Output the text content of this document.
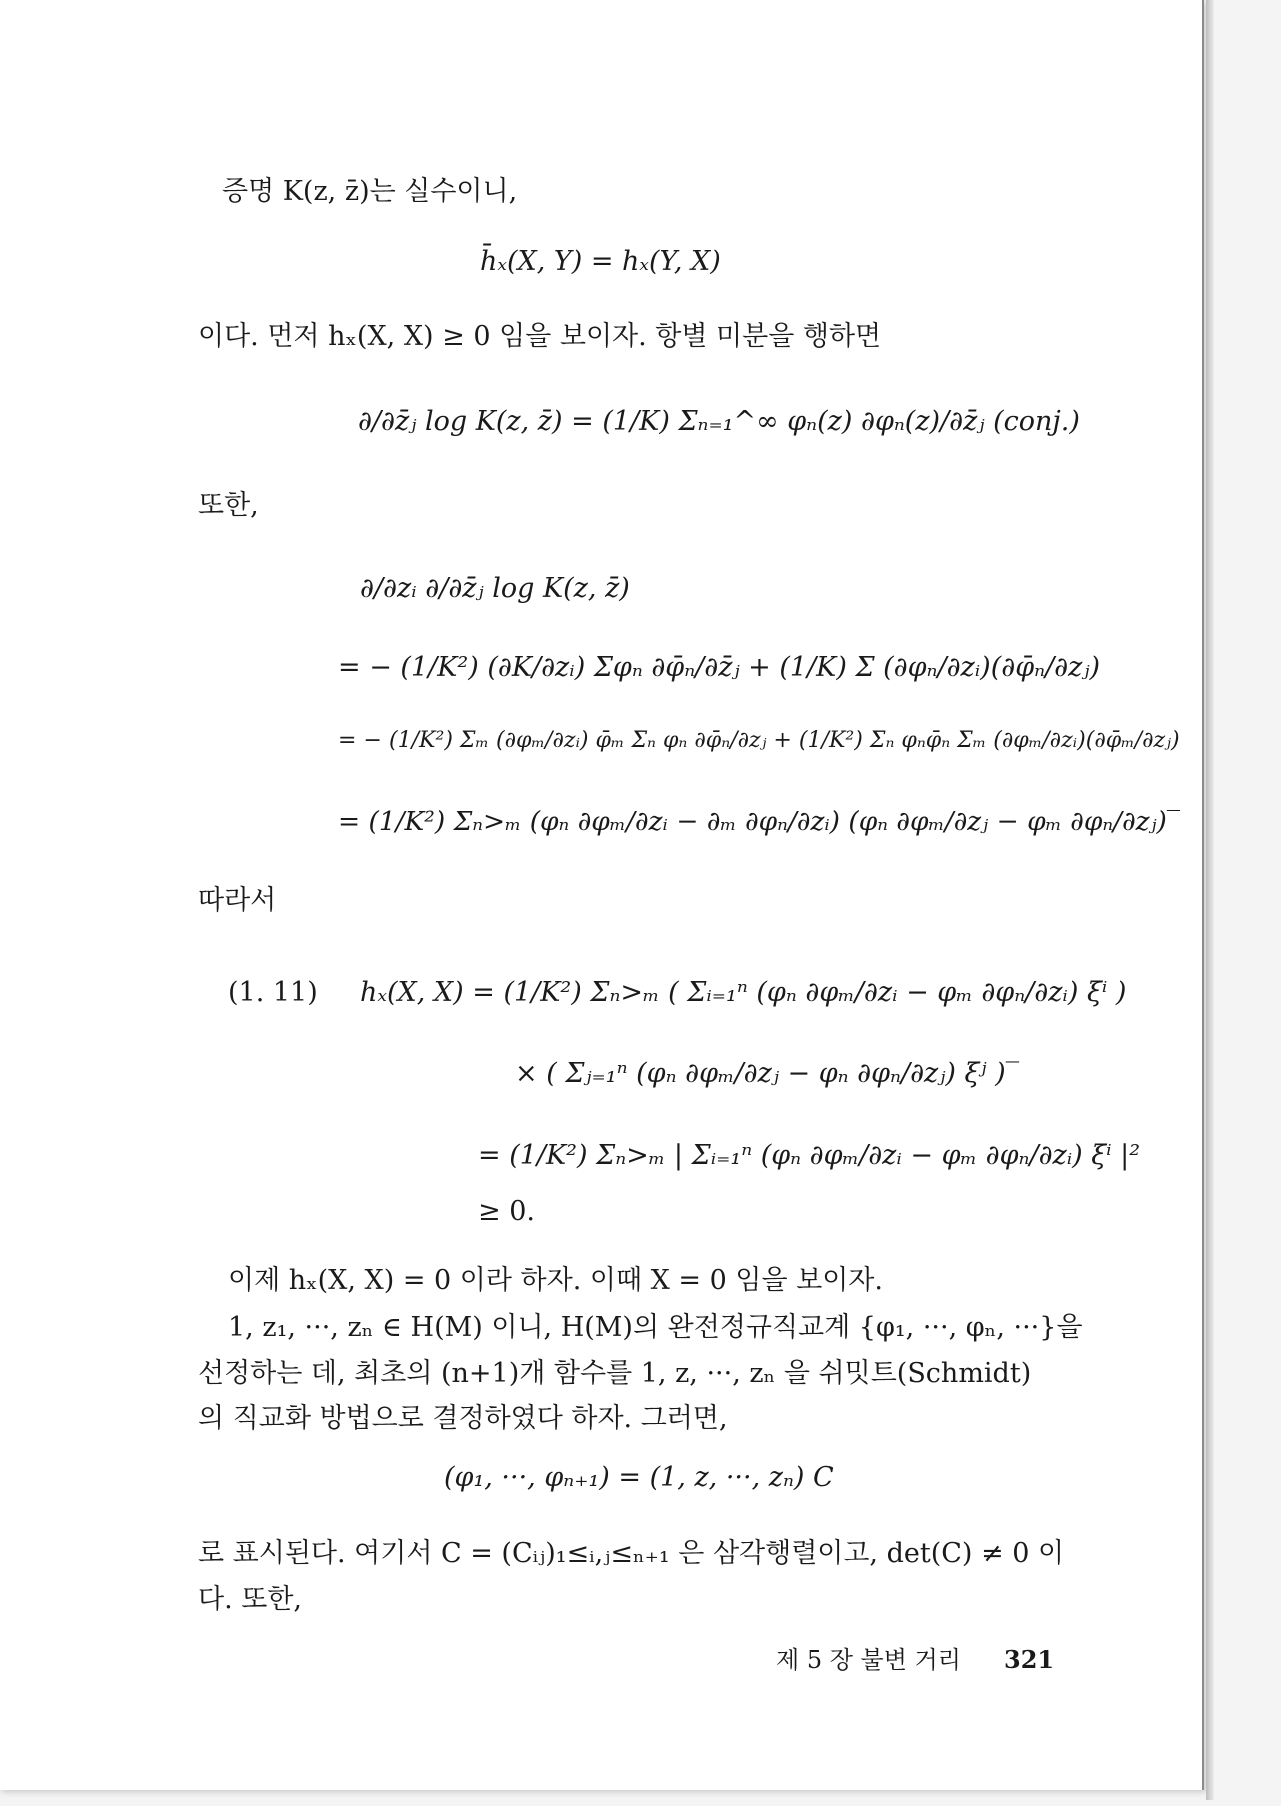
증명 K(z, z̄)는 실수이니,
h̄ₓ(X, Y) = hₓ(Y, X)
이다. 먼저 hₓ(X, X) ≥ 0 임을 보이자. 항별 미분을 행하면
∂/∂z̄ⱼ log K(z, z̄) = (1/K) Σₙ₌₁^∞ φₙ(z) ∂φₙ(z)/∂z̄ⱼ (conj.)
또한,
∂/∂zᵢ ∂/∂z̄ⱼ log K(z, z̄)
= − (1/K²) (∂K/∂zᵢ) Σφₙ ∂φ̄ₙ/∂z̄ⱼ + (1/K) Σ (∂φₙ/∂zᵢ)(∂φ̄ₙ/∂zⱼ)
= − (1/K²) Σₘ (∂φₘ/∂zᵢ) φ̄ₘ Σₙ φₙ ∂φ̄ₙ/∂zⱼ + (1/K²) Σₙ φₙφ̄ₙ Σₘ (∂φₘ/∂zᵢ)(∂φ̄ₘ/∂zⱼ)
= (1/K²) Σₙ>ₘ (φₙ ∂φₘ/∂zᵢ − ∂ₘ ∂φₙ/∂zᵢ) (φₙ ∂φₘ/∂zⱼ − φₘ ∂φₙ/∂zⱼ)‾
따라서
(1. 11) hₓ(X, X) = (1/K²) Σₙ>ₘ ( Σᵢ₌₁ⁿ (φₙ ∂φₘ/∂zᵢ − φₘ ∂φₙ/∂zᵢ) ξⁱ )
× ( Σⱼ₌₁ⁿ (φₙ ∂φₘ/∂zⱼ − φₙ ∂φₙ/∂zⱼ) ξʲ )‾
= (1/K²) Σₙ>ₘ | Σᵢ₌₁ⁿ (φₙ ∂φₘ/∂zᵢ − φₘ ∂φₙ/∂zᵢ) ξⁱ |²
≥ 0.
이제 hₓ(X, X) = 0 이라 하자. 이때 X = 0 임을 보이자.
1, z₁, ···, zₙ ∈ H(M) 이니, H(M)의 완전정규직교계 {φ₁, ···, φₙ, ···}을
선정하는 데, 최초의 (n+1)개 함수를 1, z, ···, zₙ 을 쉬밋트(Schmidt)
의 직교화 방법으로 결정하였다 하자. 그러면,
(φ₁, ···, φₙ₊₁) = (1, z, ···, zₙ) C
로 표시된다. 여기서 C = (Cᵢⱼ)₁≤ᵢ,ⱼ≤ₙ₊₁ 은 삼각행렬이고, det(C) ≠ 0 이
다. 또한,
제 5 장 불변 거리 321
